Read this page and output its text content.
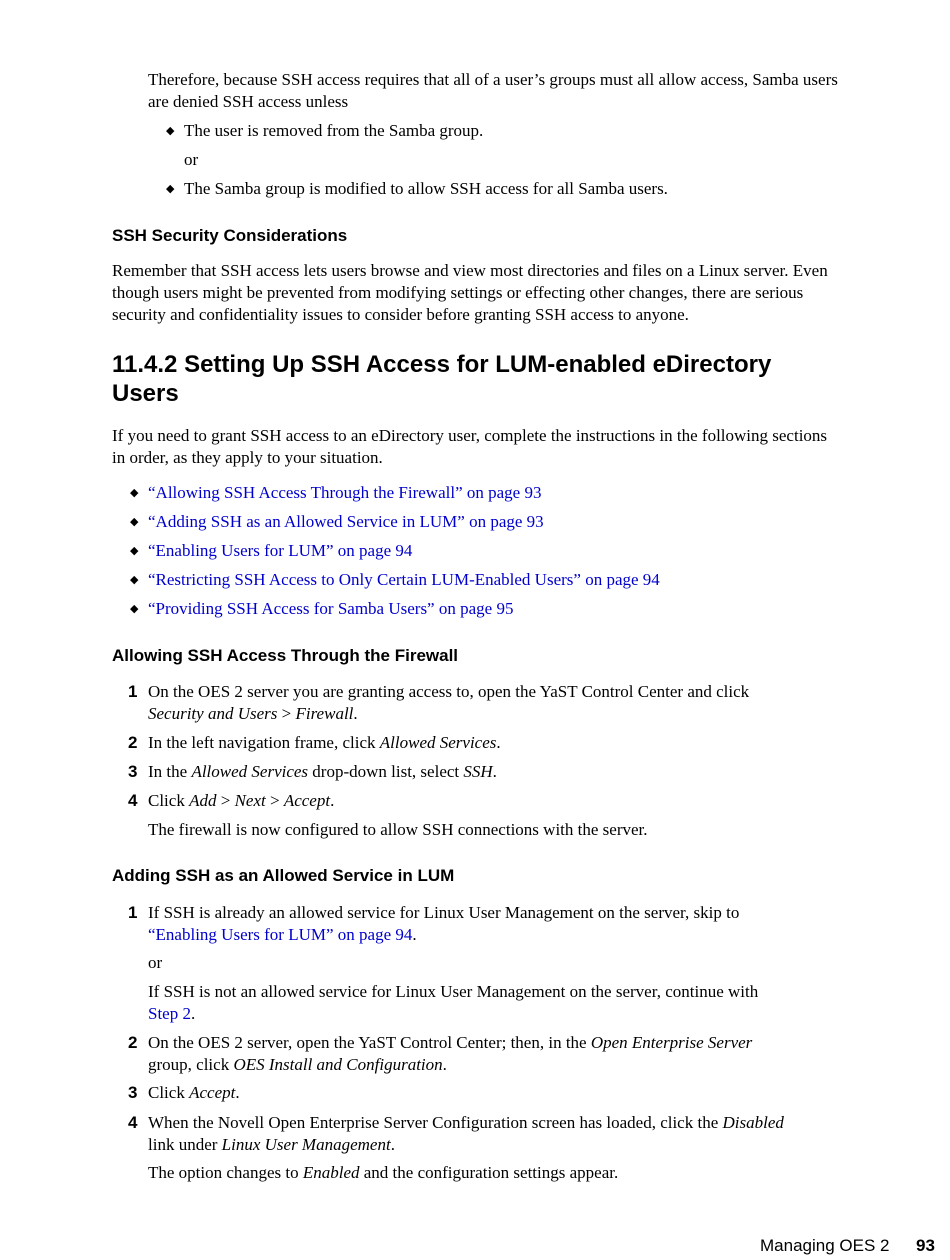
Therefore, because SSH access requires that all of a user’s groups must all allow access, Samba users are denied SSH access unless

◆ The user is removed from the Samba group.

or

◆ The Samba group is modified to allow SSH access for all Samba users.
SSH Security Considerations

Remember that SSH access lets users browse and view most directories and files on a Linux server. Even though users might be prevented from modifying settings or effecting other changes, there are serious security and confidentiality issues to consider before granting SSH access to anyone.

11.4.2 Setting Up SSH Access for LUM-enabled eDirectory
Users

If you need to grant SSH access to an eDirectory user, complete the instructions in the following sections in order, as they apply to your situation.

◆ “Allowing SSH Access Through the Firewall” on page 93
◆ “Adding SSH as an Allowed Service in LUM” on page 93
◆ “Enabling Users for LUM” on page 94
◆ “Restricting SSH Access to Only Certain LUM-Enabled Users” on page 94
◆ “Providing SSH Access for Samba Users” on page 95
Allowing SSH Access Through the Firewall
1 On the OES 2 server you are granting access to, open the YaST Control Center and click
Security and Users > Firewall.
2 In the left navigation frame, click Allowed Services.
3 In the Allowed Services drop-down list, select SSH.
4 Click Add > Next > Accept.

The firewall is now configured to allow SSH connections with the server.

Adding SSH as an Allowed Service in LUM
1 If SSH is already an allowed service for Linux User Management on the server, skip to
“Enabling Users for LUM” on page 94.

or

If SSH is not an allowed service for Linux User Management on the server, continue with
Step 2.
2 On the OES 2 server, open the YaST Control Center; then, in the Open Enterprise Server
group, click OES Install and Configuration.
3 Click Accept.
4 When the Novell Open Enterprise Server Configuration screen has loaded, click the Disabled
link under Linux User Management.
The option changes to Enabled and the configuration settings appear.
Managing OES 2 93
